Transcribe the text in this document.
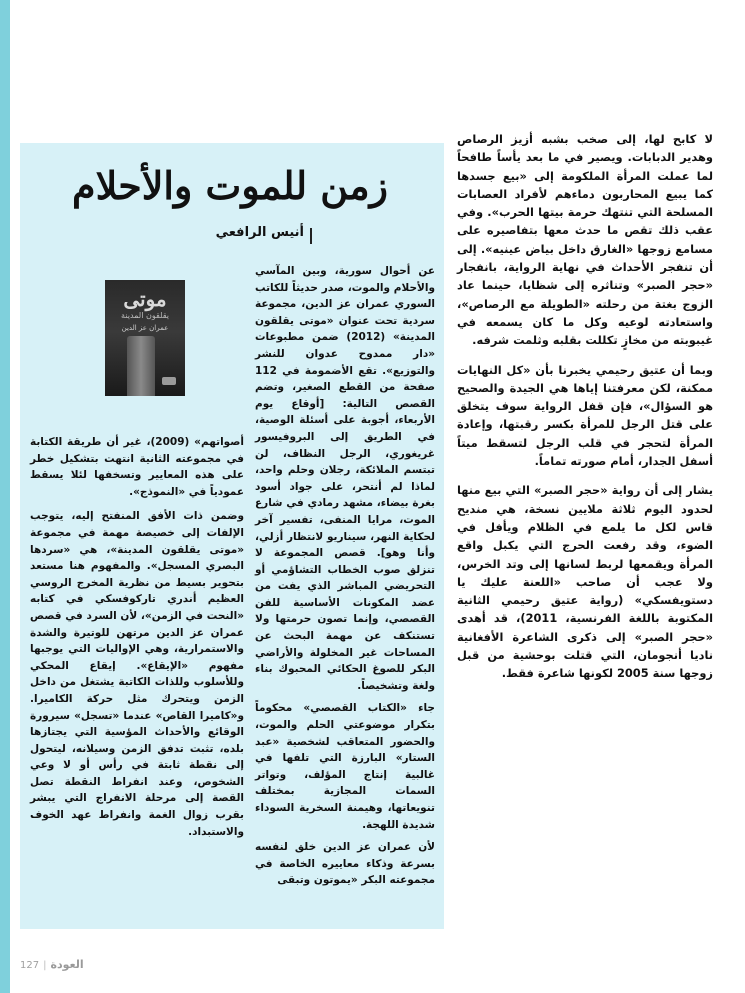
لا كابح لها، إلى صخب بشبه أزيز الرصاص وهدير الدبابات. ويصير في ما بعد يأساً طافحاً لما عملت المرأة الملكومة إلى «بيع جسدها كما يبيع المحاربون دماءهم لأفراد العصابات المسلحة التي تنتهك حرمة بيتها الحرب». وفي عقب ذلك تقص ما حدث معها بتفاصيره على مسامع زوجها «الغارق داخل بياض عينيه». إلى أن تنفجر الأحداث في نهاية الرواية، بانفجار «حجر الصبر» وتناثره إلى شظايا، حينما عاد الزوج بغتة من رحلته «الطويلة مع الرصاص»، واستعادته لوعيه وكل ما كان يسمعه في غيبوبته من مخازٍ تكللت بقلبه وثلمت شرفه.

وبما أن عتيق رحيمي يخبرنا بأن «كل النهايات ممكنة، لكن معرفتنا إياها هي الجيدة والصحيح هو السؤال»، فإن قفل الرواية سوف يتخلق على قتل الرجل للمرأة بكسر رقبتها، وإعادة المرأة لتحجر في قلب الرجل لتسقط ميتاً أسفل الجدار، أمام صورته تماماً.

يشار إلى أن رواية «حجر الصبر» التي بيع منها لحدود اليوم ثلاثة ملايين نسخة، هي منديح قاس لكل ما يلمع في الظلام ويأفل في الضوء، وقد رفعت الحرج التي يكبل واقع المرأة ويقمعها لربط لسانها إلى وتد الخرس، ولا عجب أن صاحب «اللعنة عليك يا دستويفسكي» (رواية عتيق رحيمي الثانية المكتوبة باللغة الفرنسية، 2011)، قد أهدى «حجر الصبر» إلى ذكرى الشاعرة الأفغانية ناديا أنجومان، التي قتلت بوحشية من قبل زوجها سنة 2005 لكونها شاعرة فقط.

زمن للموت والأحلام
أنيس الرافعي
موتى
يقلقون المدينة
عمران عز الدين

عن أحوال سورية، وبين المآسي والأحلام والموت، صدر حديثاً للكاتب السوري عمران عز الدين، مجموعة سردية تحت عنوان «موتى يقلقون المدينة» (2012) ضمن مطبوعات «دار ممدوح عدوان للنشر والتوزيع». تقع الأضمومة في 112 صفحة من القطع الصغير، وتضم القصص التالية: [أوقاع يوم الأربعاء، أجوبة على أسئلة الوصية، في الطريق إلى البروفيسور غريغوري، الرجل النظاف، لن تبتسم الملائكة، رجلان وحلم واحد، لماذا لم أنتحر، على جواد أسود بغرة بيضاء، مشهد رمادي في شارع الموت، مرايا المنفى، تفسير آخر لحكاية النهر، سيناريو لانتظار أزلي، وأنا وهو]. قصص المجموعة لا تنزلق صوب الخطاب التشاؤمي أو التحريضي المباشر الذي يفت من عضد المكونات الأساسية للفن القصصي، وإنما تصون حرمتها ولا تستنكف عن مهمة البحث عن المساحات غير المخلولة والأراضي البكر للصوغ الحكائي المحبوك بناء ولغة وتشخيصاً.

جاء «الكتاب القصصي» محكوماً بتكرار موضوعتي الحلم والموت، والحضور المتعاقب لشخصية «عبد الستار» البارزة التي تلفها في غالبية إنتاج المؤلف، وتواتر السمات المجازية بمختلف تنويعاتها، وهيمنة السخرية السوداء شديدة اللهجة.

لأن عمران عز الدين خلق لنفسه بسرعة وذكاء معاييره الخاصة في مجموعته البكر «يموتون وتبقى

أصواتهم» (2009)، غير أن طريقة الكتابة في مجموعته الثانية انتهت بتشكيل خطر على هذه المعايير وتسخفها لئلا يسقط عمودياً في «النموذج».

وضمن ذات الأفق المنفتح إليه، يتوجب الإلفات إلى خصيصة مهمة في مجموعة «موتى يقلقون المدينة»، هي «سردها البصري المسجل». والمفهوم هنا مستعد بتحوير بسيط من نظرية المخرج الروسي العظيم أندري تاركوفسكي في كتابه «النحت في الزمن»، لأن السرد في قصص عمران عز الدين مرتهن للوتيرة والشدة والاستمرارية، وهي الإواليات التي يوجبها مفهوم «الإيقاع». إيقاع المحكي وللأسلوب وللذات الكاتبة يشتغل من داخل الزمن ويتحرك مثل حركة الكاميرا. و«كاميرا القاص» عندما «تسجل» سيرورة الوقائع والأحداث المؤسية التي يجتازها بلده، تثبت تدفق الزمن وسيلانه، ليتحول إلى نقطة ثابتة في رأس أو لا وعي الشخوص، وعند انفراط النقطة تصل القصة إلى مرحلة الانفراج التي يبشر بقرب زوال الغمة وانفراط عهد الخوف والاستبداد.

127 | العودة
